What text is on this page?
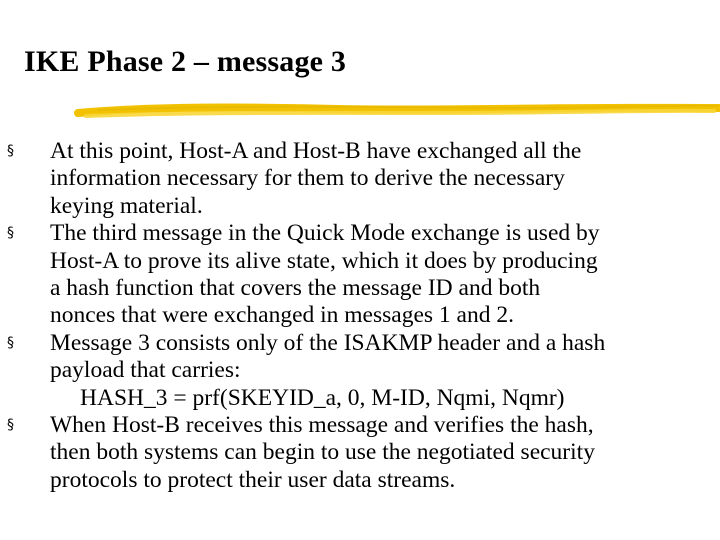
IKE Phase 2 – message 3
§ At this point, Host-A and Host-B have exchanged all the
information necessary for them to derive the necessary
keying material.
§ The third message in the Quick Mode exchange is used by
Host-A to prove its alive state, which it does by producing
a hash function that covers the message ID and both
nonces that were exchanged in messages 1 and 2.
§ Message 3 consists only of the ISAKMP header and a hash
payload that carries:
HASH_3 = prf(SKEYID_a, 0, M-ID, Nqmi, Nqmr)
§ When Host-B receives this message and verifies the hash,
then both systems can begin to use the negotiated security
protocols to protect their user data streams.
